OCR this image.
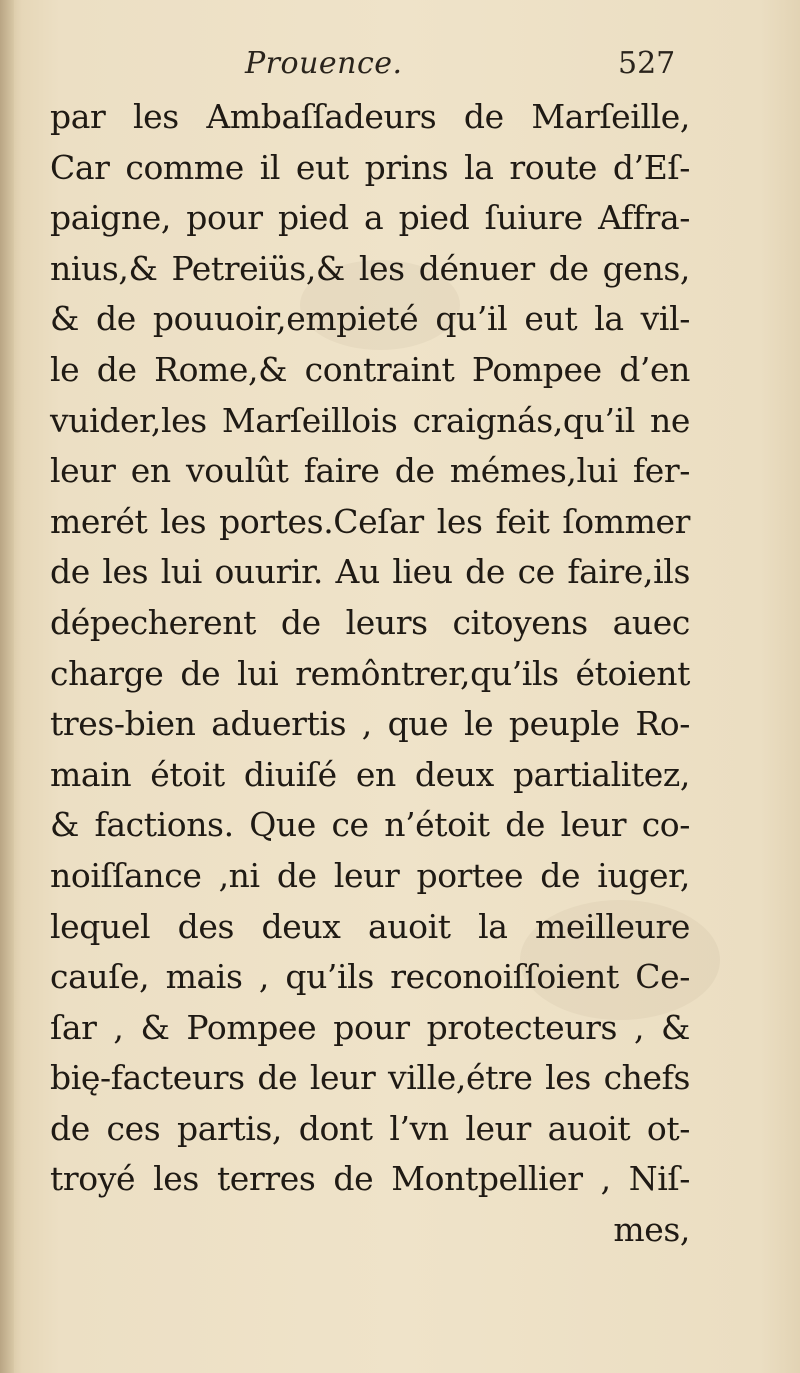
Prouence.	527
par les Ambaſſadeurs de Marſeille,
Car comme il eut prins la route d’Eſ-
paigne, pour pied a pied ſuiure Affra-
nius,& Petreiüs,& les dénuer de gens,
& de pouuoir,empieté qu’il eut la vil-
le de Rome,& contraint Pompee d’en
vuider,les Marſeillois craignás,qu’il ne
leur en voulût faire de mémes,lui fer-
merét les portes.Ceſar les feit ſommer
de les lui ouurir. Au lieu de ce faire,ils
dépecherent de leurs citoyens auec
charge de lui remôntrer,qu’ils étoient
tres-bien aduertis , que le peuple Ro-
main étoit diuiſé en deux partialitez,
& factions. Que ce n’étoit de leur co-
noiſſance ,ni de leur portee de iuger,
lequel des deux auoit la meilleure
cauſe, mais , qu’ils reconoiſſoient Ce-
ſar , & Pompee pour protecteurs , &
bię-facteurs de leur ville,étre les chefs
de ces partis, dont l’vn leur auoit ot-
troyé les terres de Montpellier , Niſ-
mes,
